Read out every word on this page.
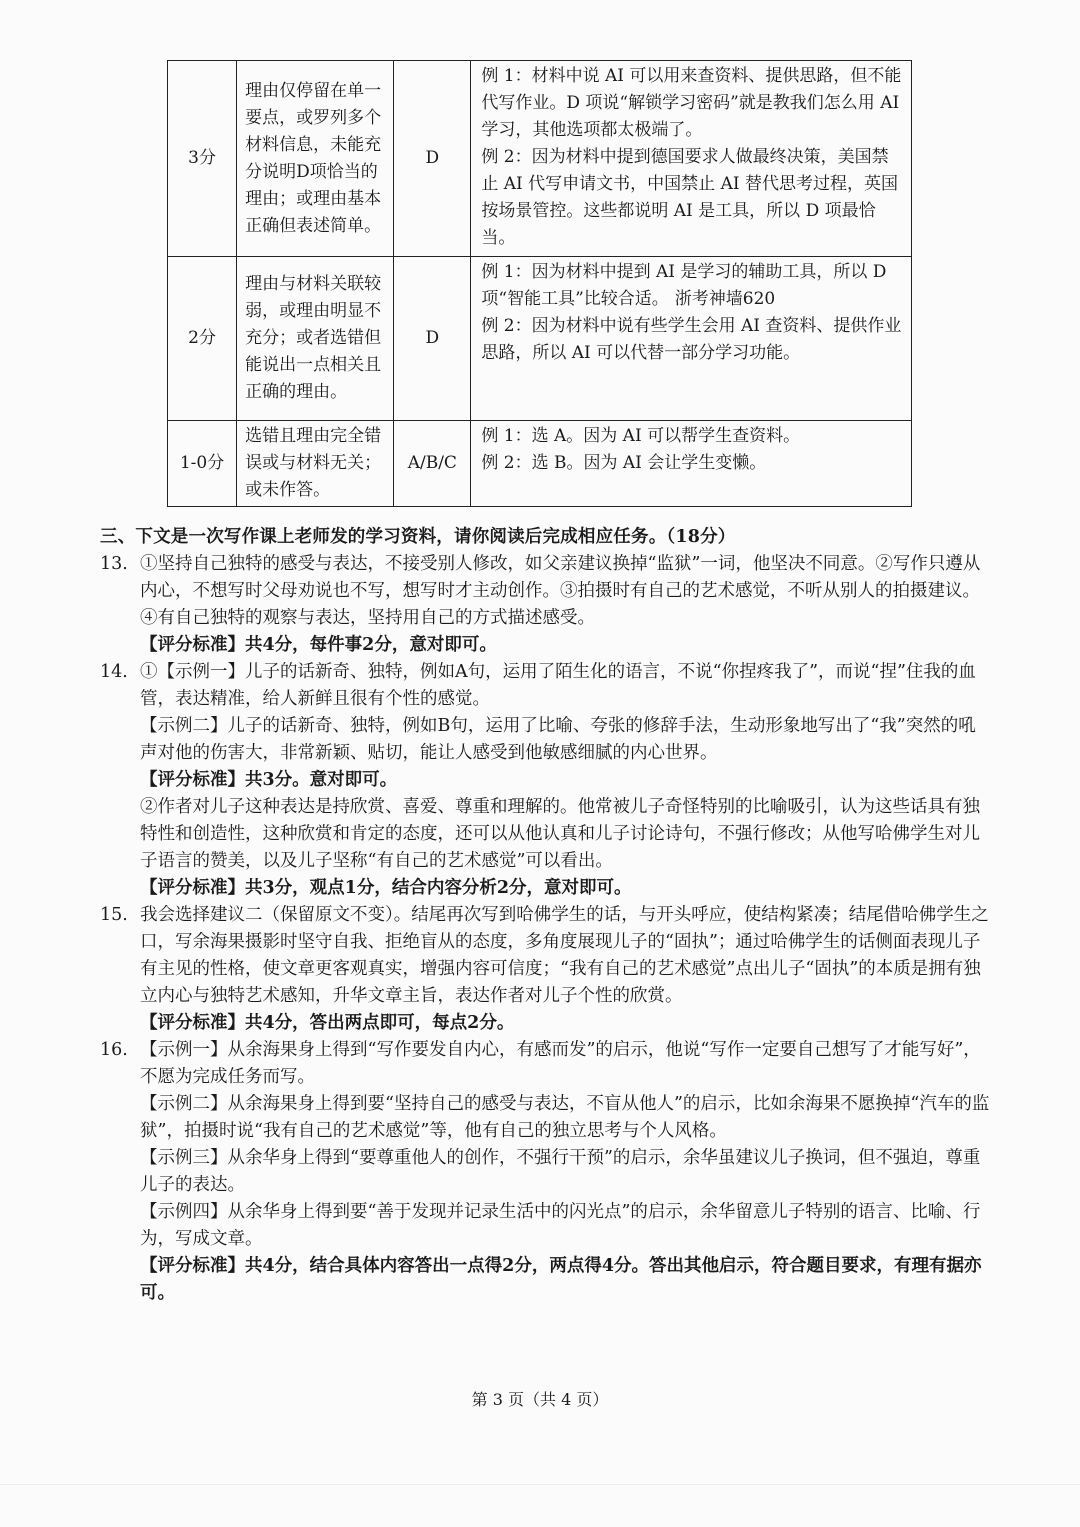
3分	理由仅停留在单一要点，或罗列多个材料信息，未能充分说明D项恰当的理由；或理由基本正确但表述简单。	D	例 1：材料中说 AI 可以用来查资料、提供思路，但不能代写作业。D 项说“解锁学习密码”就是教我们怎么用 AI 学习，其他选项都太极端了。
例 2：因为材料中提到德国要求人做最终决策，美国禁止 AI 代写申请文书，中国禁止 AI 替代思考过程，英国按场景管控。这些都说明 AI 是工具，所以 D 项最恰当。

2分	理由与材料关联较弱，或理由明显不充分；或者选错但能说出一点相关且正确的理由。	D	例 1：因为材料中提到 AI 是学习的辅助工具，所以 D 项“智能工具”比较合适。 浙考神墙620
例 2：因为材料中说有些学生会用 AI 查资料、提供作业思路，所以 AI 可以代替一部分学习功能。

1-0分	选错且理由完全错误或与材料无关；或未作答。	A/B/C	例 1：选 A。因为 AI 可以帮学生查资料。
例 2：选 B。因为 AI 会让学生变懒。
三、下文是一次写作课上老师发的学习资料，请你阅读后完成相应任务。（18分）
13. ①坚持自己独特的感受与表达，不接受别人修改，如父亲建议换掉“监狱”一词，他坚决不同意。②写作只遵从内心，不想写时父母劝说也不写，想写时才主动创作。③拍摄时有自己的艺术感觉，不听从别人的拍摄建议。④有自己独特的观察与表达，坚持用自己的方式描述感受。
【评分标准】共4分，每件事2分，意对即可。
14. ①【示例一】儿子的话新奇、独特，例如A句，运用了陌生化的语言，不说“你捏疼我了”，而说“捏”住我的血管，表达精准，给人新鲜且很有个性的感觉。
【示例二】儿子的话新奇、独特，例如B句，运用了比喻、夸张的修辞手法，生动形象地写出了“我”突然的吼声对他的伤害大，非常新颖、贴切，能让人感受到他敏感细腻的内心世界。
【评分标准】共3分。意对即可。
②作者对儿子这种表达是持欣赏、喜爱、尊重和理解的。他常被儿子奇怪特别的比喻吸引，认为这些话具有独特性和创造性，这种欣赏和肯定的态度，还可以从他认真和儿子讨论诗句，不强行修改；从他写哈佛学生对儿子语言的赞美，以及儿子坚称“有自己的艺术感觉”可以看出。
【评分标准】共3分，观点1分，结合内容分析2分，意对即可。
15. 我会选择建议二（保留原文不变）。结尾再次写到哈佛学生的话，与开头呼应，使结构紧凑；结尾借哈佛学生之口，写余海果摄影时坚守自我、拒绝盲从的态度，多角度展现儿子的“固执”；通过哈佛学生的话侧面表现儿子有主见的性格，使文章更客观真实，增强内容可信度；“我有自己的艺术感觉”点出儿子“固执”的本质是拥有独立内心与独特艺术感知，升华文章主旨，表达作者对儿子个性的欣赏。
【评分标准】共4分，答出两点即可，每点2分。
16. 【示例一】从余海果身上得到“写作要发自内心，有感而发”的启示，他说“写作一定要自己想写了才能写好”，不愿为完成任务而写。
【示例二】从余海果身上得到要“坚持自己的感受与表达，不盲从他人”的启示，比如余海果不愿换掉“汽车的监狱”，拍摄时说“我有自己的艺术感觉”等，他有自己的独立思考与个人风格。
【示例三】从余华身上得到“要尊重他人的创作，不强行干预”的启示，余华虽建议儿子换词，但不强迫，尊重儿子的表达。
【示例四】从余华身上得到要“善于发现并记录生活中的闪光点”的启示，余华留意儿子特别的语言、比喻、行为，写成文章。
【评分标准】共4分，结合具体内容答出一点得2分，两点得4分。答出其他启示，符合题目要求，有理有据亦可。
第 3 页（共 4 页）
